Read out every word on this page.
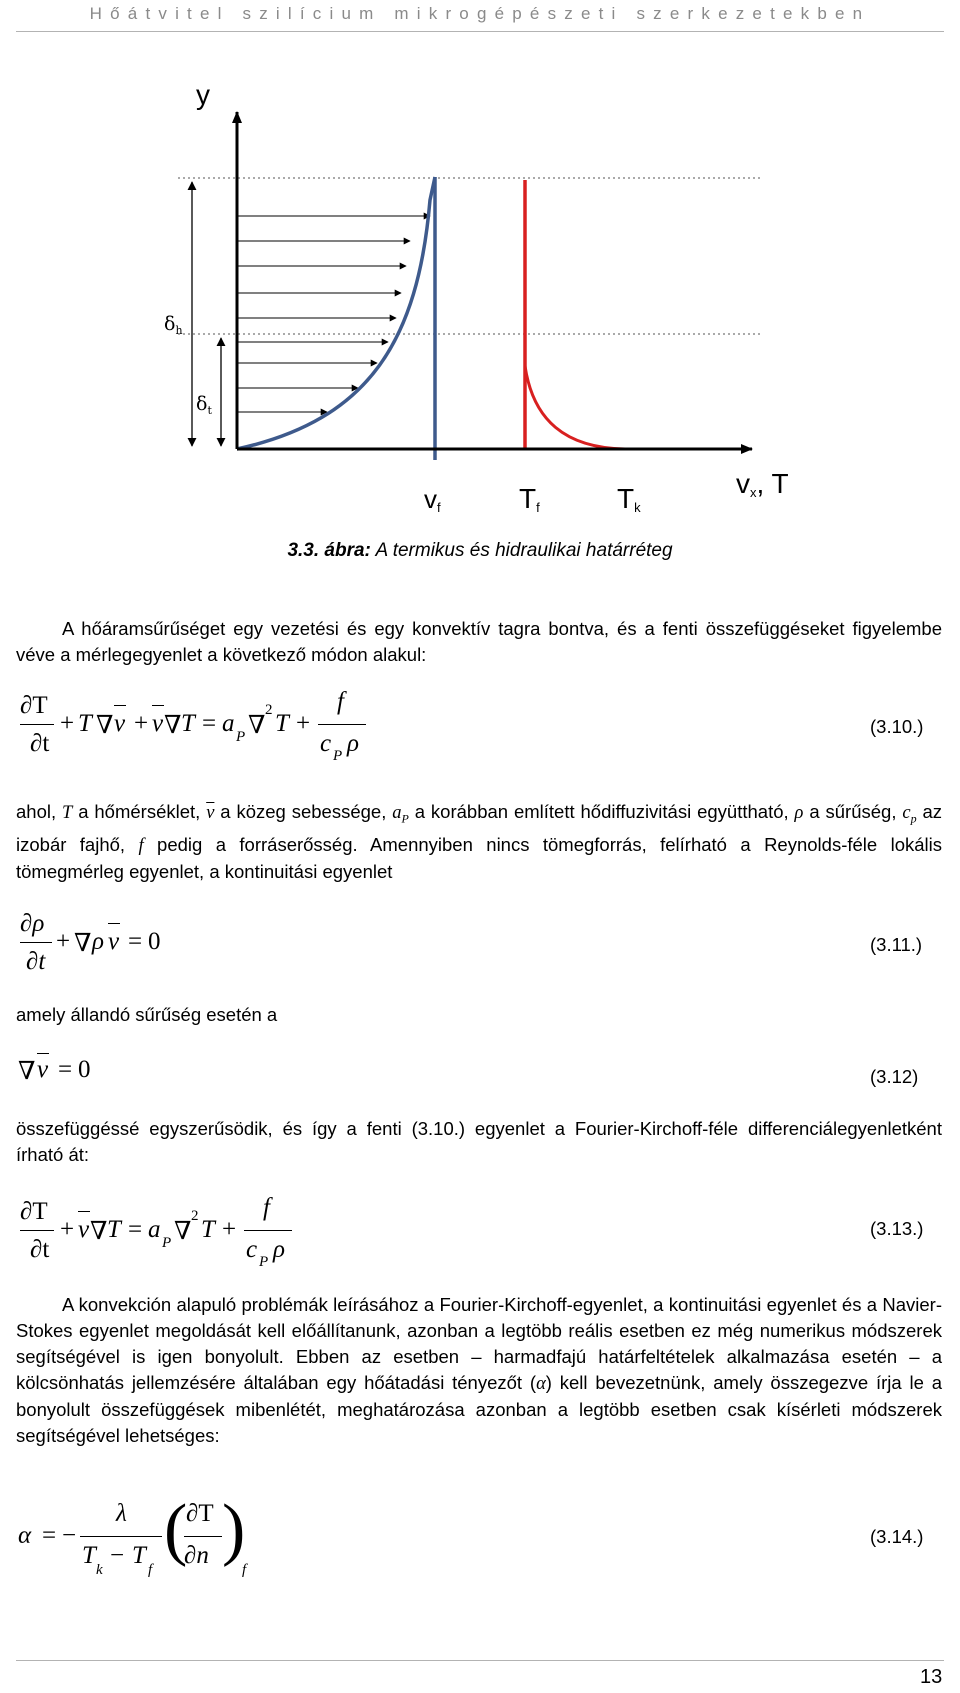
Hőátvitel szilícium mikrogépészeti szerkezetekben
y
$\delta_h$
$\delta_t$
vf	Tf	Tk
vx, T
3.3. ábra: A termikus és hidraulikai határréteg
A hőáramsűrűséget egy vezetési és egy konvektív tagra bontva, és a fenti összefüggéseket figyelembe véve a mérlegegyenlet a következő módon alakul:
∂T
∂t
+ T ∇ v + v ∇ T = a P ∇
2 T +
f
c P ρ
(3.10.)
ahol, T a hőmérséklet, $\overline{v}$ a közeg sebessége, $a_P$ a korábban említett hődiffuzivitási együttható, ρ a sűrűség, $c_p$ az izobár fajhő, f pedig a forráserősség. Amennyiben nincs tömegforrás, felírható a Reynolds-féle lokális tömegmérleg egyenlet, a kontinuitási egyenlet
∂ρ
∂t
+ ∇ ρ v = 0	(3.11.)
amely állandó sűrűség esetén a
∇ v = 0	(3.12)
összefüggéssé egyszerűsödik, és így a fenti (3.10.) egyenlet a Fourier-Kirchoff-féle differenciálegyenletként írható át:
∂T
∂t
+ v ∇ T = a P ∇
2 T +
f
c P ρ
(3.13.)
A konvekción alapuló problémák leírásához a Fourier-Kirchoff-egyenlet, a kontinuitási egyenlet és a Navier-Stokes egyenlet megoldását kell előállítanunk, azonban a legtöbb reális esetben ez még numerikus módszerek segítségével is igen bonyolult. Ebben az esetben – harmadfajú határfeltételek alkalmazása esetén – a kölcsönhatás jellemzésére általában egy hőátadási tényezőt (α) kell bevezetnünk, amely összegezve írja le a bonyolult összefüggések mibenlétét, meghatározása azonban a legtöbb esetben csak kísérleti módszerek segítségével lehetséges:
α = −
λ
T
k
− T
f
(
∂T
∂n )
f
(3.14.)
13
